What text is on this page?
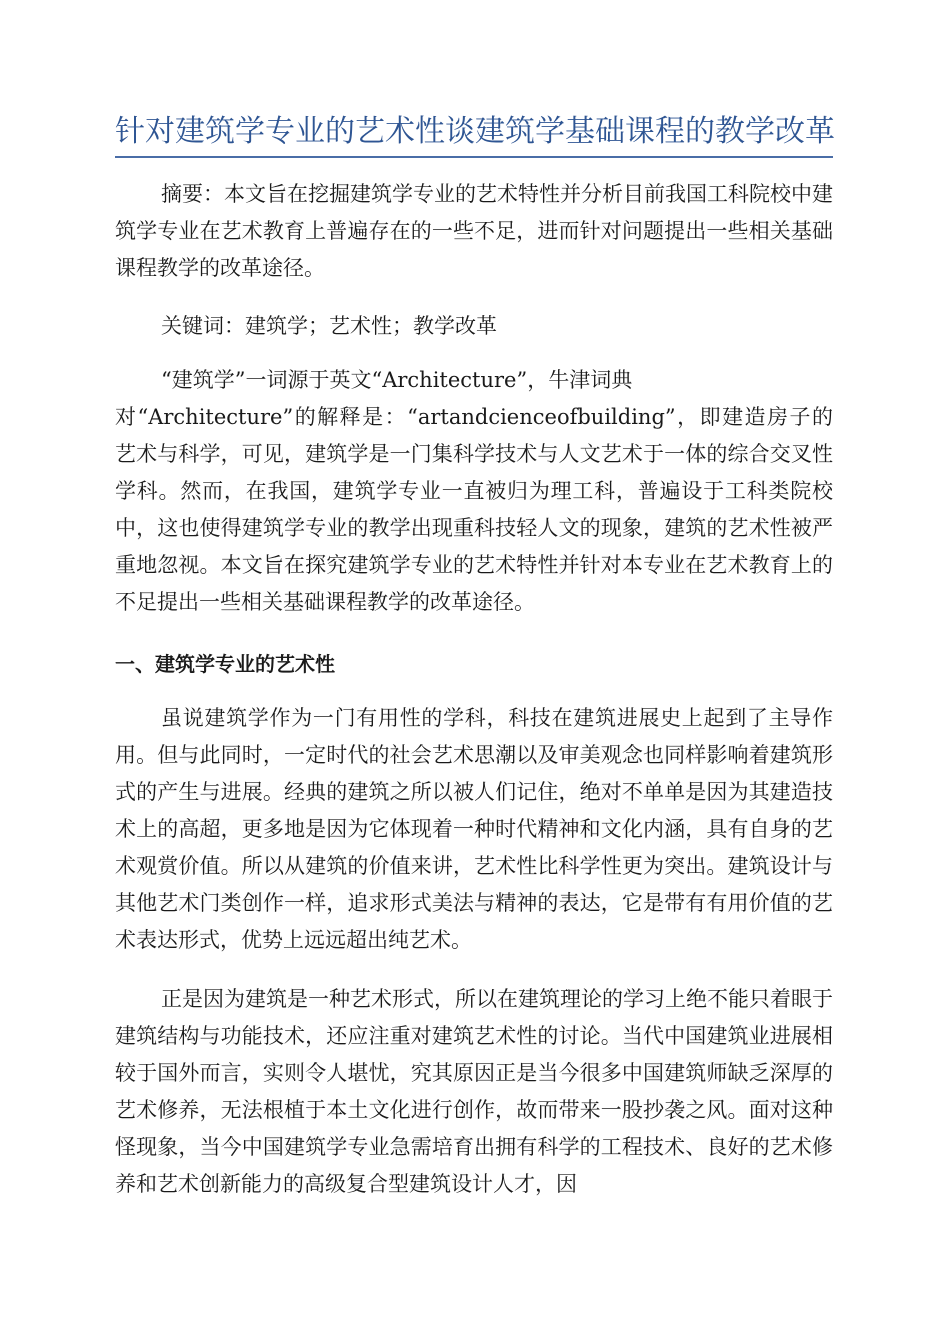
针对建筑学专业的艺术性谈建筑学基础课程的教学改革

摘要：本文旨在挖掘建筑学专业的艺术特性并分析目前我国工科院校中建筑学专业在艺术教育上普遍存在的一些不足，进而针对问题提出一些相关基础课程教学的改革途径。

关键词：建筑学；艺术性；教学改革

“建筑学”一词源于英文“Architecture”，牛津词典

对“Architecture”的解释是：“artandcienceofbuilding”，即建造房子的艺术与科学，可见，建筑学是一门集科学技术与人文艺术于一体的综合交叉性学科。然而，在我国，建筑学专业一直被归为理工科，普遍设于工科类院校中，这也使得建筑学专业的教学出现重科技轻人文的现象，建筑的艺术性被严重地忽视。本文旨在探究建筑学专业的艺术特性并针对本专业在艺术教育上的不足提出一些相关基础课程教学的改革途径。

一、建筑学专业的艺术性

虽说建筑学作为一门有用性的学科，科技在建筑进展史上起到了主导作用。但与此同时，一定时代的社会艺术思潮以及审美观念也同样影响着建筑形式的产生与进展。经典的建筑之所以被人们记住，绝对不单单是因为其建造技术上的高超，更多地是因为它体现着一种时代精神和文化内涵，具有自身的艺术观赏价值。所以从建筑的价值来讲，艺术性比科学性更为突出。建筑设计与其他艺术门类创作一样，追求形式美法与精神的表达，它是带有有用价值的艺术表达形式，优势上远远超出纯艺术。

正是因为建筑是一种艺术形式，所以在建筑理论的学习上绝不能只着眼于建筑结构与功能技术，还应注重对建筑艺术性的讨论。当代中国建筑业进展相较于国外而言，实则令人堪忧，究其原因正是当今很多中国建筑师缺乏深厚的艺术修养，无法根植于本土文化进行创作，故而带来一股抄袭之风。面对这种怪现象，当今中国建筑学专业急需培育出拥有科学的工程技术、良好的艺术修养和艺术创新能力的高级复合型建筑设计人才，因
